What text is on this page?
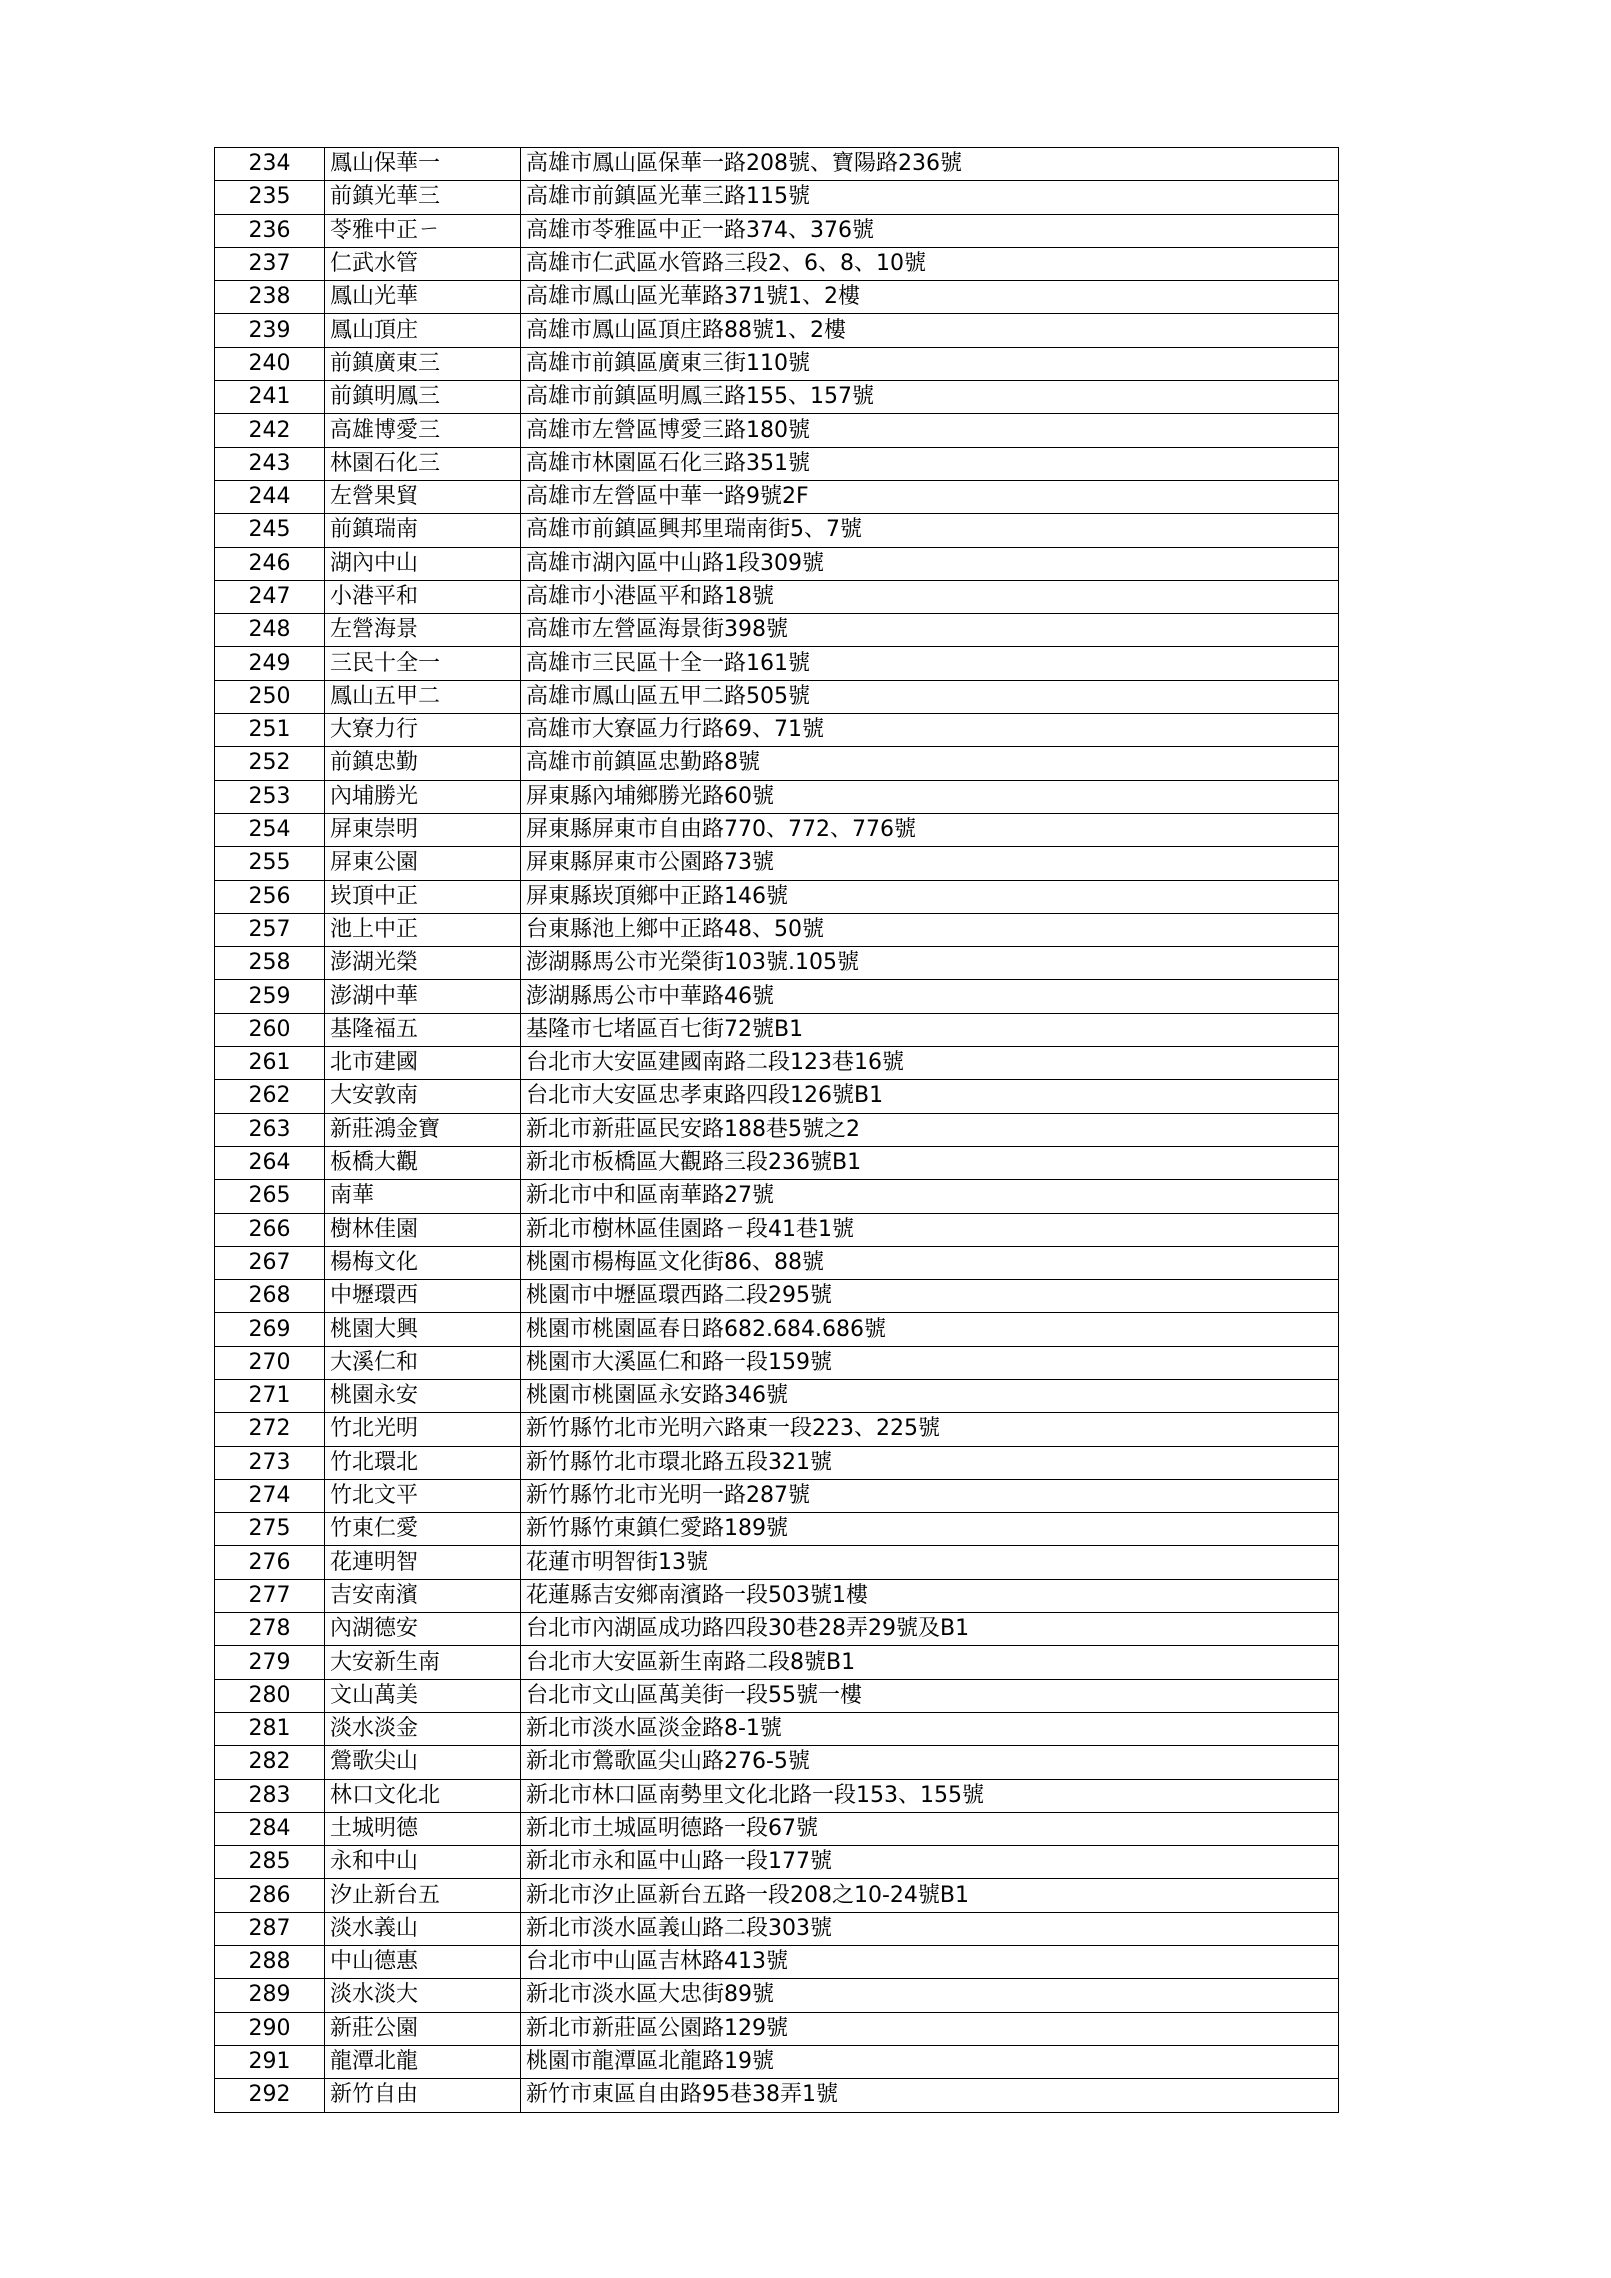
234	鳳山保華一	高雄市鳳山區保華一路208號、寶陽路236號
235	前鎮光華三	高雄市前鎮區光華三路115號
236	苓雅中正ㄧ	高雄市苓雅區中正一路374、376號
237	仁武水管	高雄市仁武區水管路三段2、6、8、10號
238	鳳山光華	高雄市鳳山區光華路371號1、2樓
239	鳳山頂庄	高雄市鳳山區頂庄路88號1、2樓
240	前鎮廣東三	高雄市前鎮區廣東三街110號
241	前鎮明鳳三	高雄市前鎮區明鳳三路155、157號
242	高雄博愛三	高雄市左營區博愛三路180號
243	林園石化三	高雄市林園區石化三路351號
244	左營果貿	高雄市左營區中華一路9號2F
245	前鎮瑞南	高雄市前鎮區興邦里瑞南街5、7號
246	湖內中山	高雄市湖內區中山路1段309號
247	小港平和	高雄市小港區平和路18號
248	左營海景	高雄市左營區海景街398號
249	三民十全一	高雄市三民區十全一路161號
250	鳳山五甲二	高雄市鳳山區五甲二路505號
251	大寮力行	高雄市大寮區力行路69、71號
252	前鎮忠勤	高雄市前鎮區忠勤路8號
253	內埔勝光	屏東縣內埔鄉勝光路60號
254	屏東崇明	屏東縣屏東市自由路770、772、776號
255	屏東公園	屏東縣屏東市公園路73號
256	崁頂中正	屏東縣崁頂鄉中正路146號
257	池上中正	台東縣池上鄉中正路48、50號
258	澎湖光榮	澎湖縣馬公市光榮街103號.105號
259	澎湖中華	澎湖縣馬公市中華路46號
260	基隆福五	基隆市七堵區百七街72號B1
261	北市建國	台北市大安區建國南路二段123巷16號
262	大安敦南	台北市大安區忠孝東路四段126號B1
263	新莊鴻金寶	新北市新莊區民安路188巷5號之2
264	板橋大觀	新北市板橋區大觀路三段236號B1
265	南華	新北市中和區南華路27號
266	樹林佳園	新北市樹林區佳園路ㄧ段41巷1號
267	楊梅文化	桃園市楊梅區文化街86、88號
268	中壢環西	桃園市中壢區環西路二段295號
269	桃園大興	桃園市桃園區春日路682.684.686號
270	大溪仁和	桃園市大溪區仁和路一段159號
271	桃園永安	桃園市桃園區永安路346號
272	竹北光明	新竹縣竹北市光明六路東一段223、225號
273	竹北環北	新竹縣竹北市環北路五段321號
274	竹北文平	新竹縣竹北市光明一路287號
275	竹東仁愛	新竹縣竹東鎮仁愛路189號
276	花連明智	花蓮市明智街13號
277	吉安南濱	花蓮縣吉安鄉南濱路一段503號1樓
278	內湖德安	台北市內湖區成功路四段30巷28弄29號及B1
279	大安新生南	台北市大安區新生南路二段8號B1
280	文山萬美	台北市文山區萬美街一段55號一樓
281	淡水淡金	新北市淡水區淡金路8-1號
282	鶯歌尖山	新北市鶯歌區尖山路276-5號
283	林口文化北	新北市林口區南勢里文化北路一段153、155號
284	土城明德	新北市土城區明德路一段67號
285	永和中山	新北市永和區中山路一段177號
286	汐止新台五	新北市汐止區新台五路一段208之10-24號B1
287	淡水義山	新北市淡水區義山路二段303號
288	中山德惠	台北市中山區吉林路413號
289	淡水淡大	新北市淡水區大忠街89號
290	新莊公園	新北市新莊區公園路129號
291	龍潭北龍	桃園市龍潭區北龍路19號
292	新竹自由	新竹市東區自由路95巷38弄1號
